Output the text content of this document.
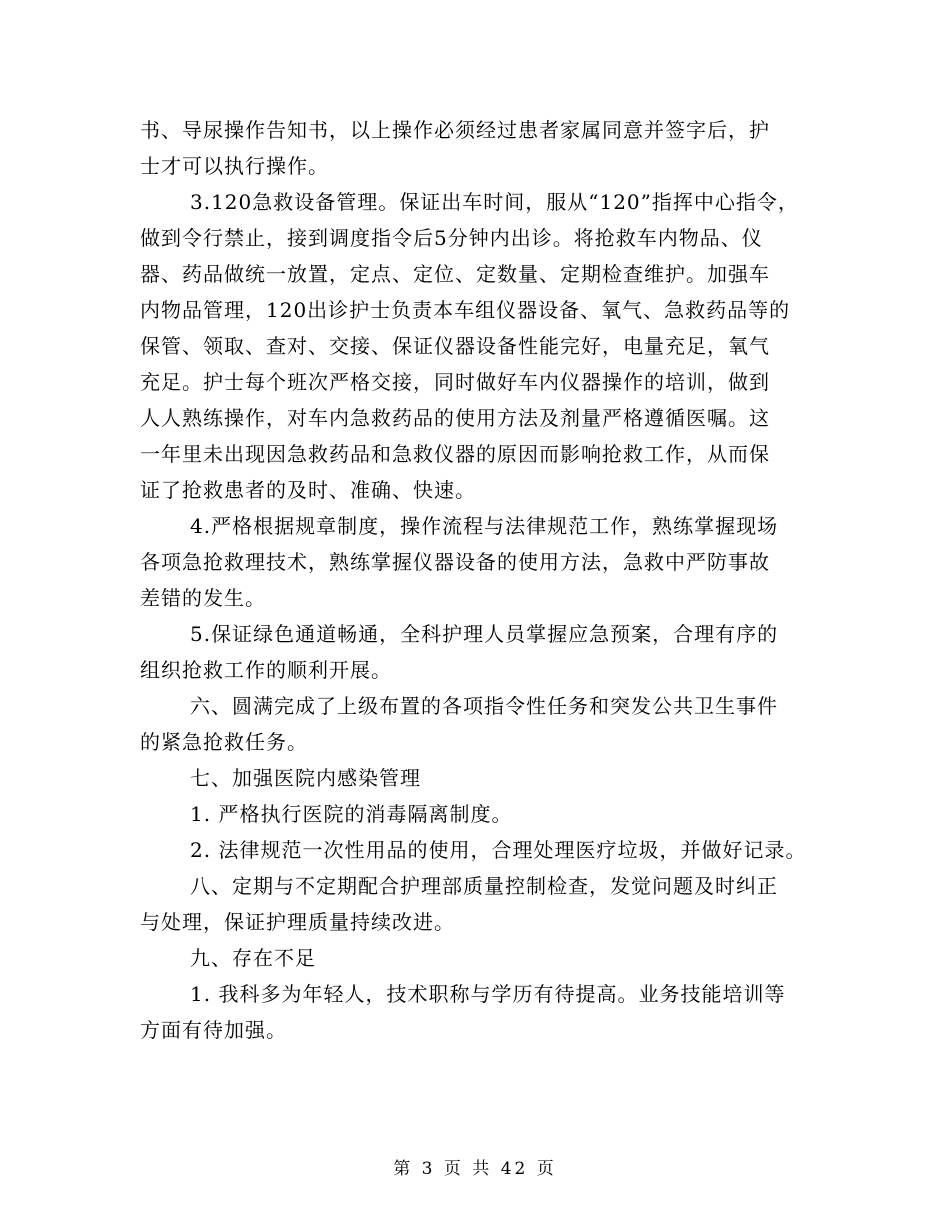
书、导尿操作告知书，以上操作必须经过患者家属同意并签字后，护

士才可以执行操作。

3.120急救设备管理。保证出车时间，服从“120”指挥中心指令，

做到令行禁止，接到调度指令后5分钟内出诊。将抢救车内物品、仪

器、药品做统一放置，定点、定位、定数量、定期检查维护。加强车

内物品管理，120出诊护士负责本车组仪器设备、氧气、急救药品等的

保管、领取、查对、交接、保证仪器设备性能完好，电量充足，氧气

充足。护士每个班次严格交接，同时做好车内仪器操作的培训，做到

人人熟练操作，对车内急救药品的使用方法及剂量严格遵循医嘱。这

一年里未出现因急救药品和急救仪器的原因而影响抢救工作，从而保

证了抢救患者的及时、准确、快速。

4.严格根据规章制度，操作流程与法律规范工作，熟练掌握现场

各项急抢救理技术，熟练掌握仪器设备的使用方法，急救中严防事故

差错的发生。

5.保证绿色通道畅通，全科护理人员掌握应急预案，合理有序的

组织抢救工作的顺利开展。

六、圆满完成了上级布置的各项指令性任务和突发公共卫生事件

的紧急抢救任务。

七、加强医院内感染管理

1. 严格执行医院的消毒隔离制度。

2. 法律规范一次性用品的使用，合理处理医疗垃圾，并做好记录。

八、定期与不定期配合护理部质量控制检查，发觉问题及时纠正

与处理，保证护理质量持续改进。

九、存在不足

1. 我科多为年轻人，技术职称与学历有待提高。业务技能培训等

方面有待加强。

第 3 页 共 42 页
